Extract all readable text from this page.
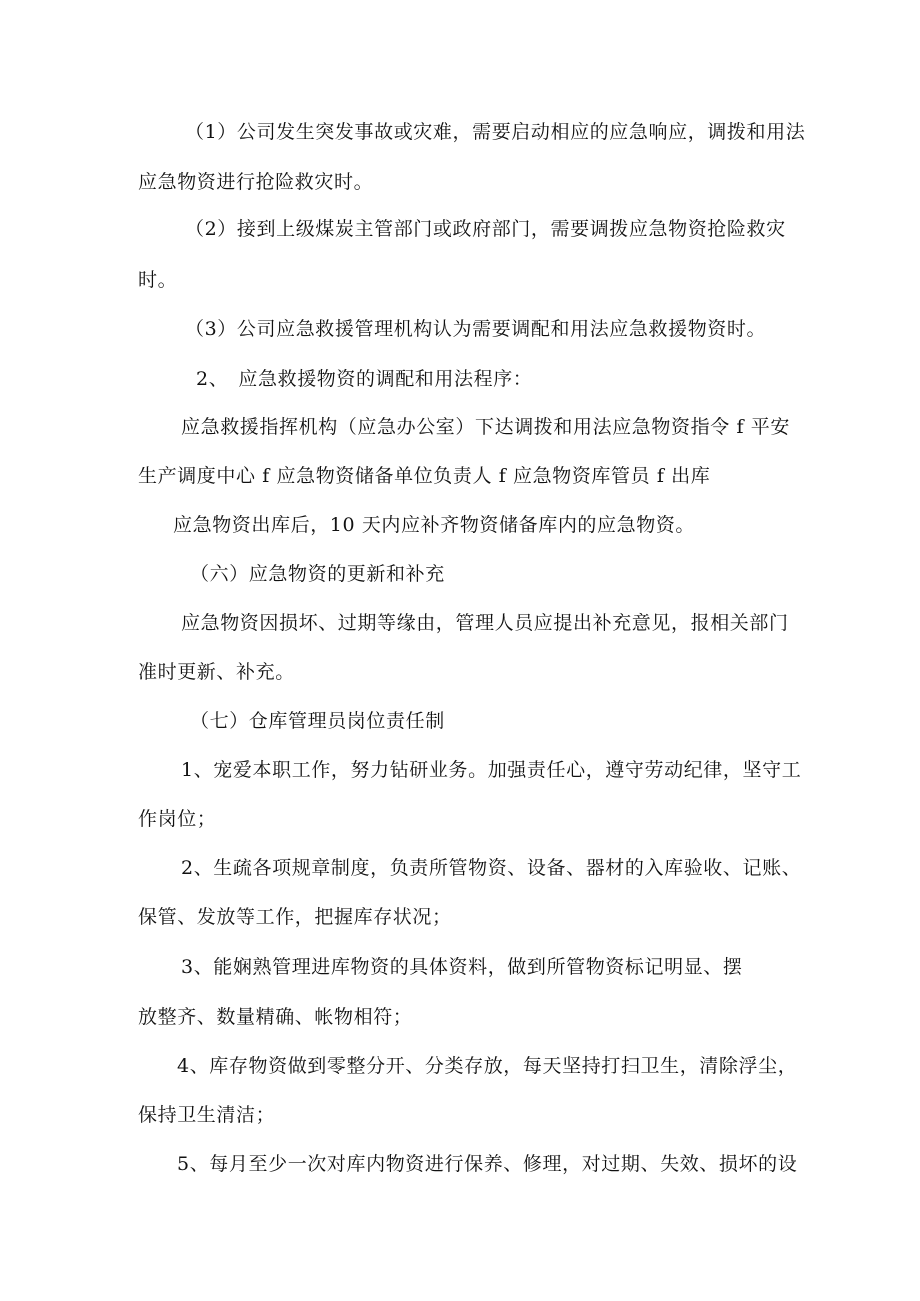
（1）公司发生突发事故或灾难，需要启动相应的应急响应，调拨和用法
应急物资进行抢险救灾时。
（2）接到上级煤炭主管部门或政府部门，需要调拨应急物资抢险救灾
时。
（3）公司应急救援管理机构认为需要调配和用法应急救援物资时。
2、　应急救援物资的调配和用法程序：
应急救援指挥机构（应急办公室）下达调拨和用法应急物资指令 f 平安
生产调度中心 f 应急物资储备单位负责人 f 应急物资库管员 f 出库
应急物资出库后，10 天内应补齐物资储备库内的应急物资。
（六）应急物资的更新和补充
应急物资因损坏、过期等缘由，管理人员应提出补充意见，报相关部门
准时更新、补充。
（七）仓库管理员岗位责任制
1、宠爱本职工作，努力钻研业务。加强责任心，遵守劳动纪律，坚守工
作岗位；
2、生疏各项规章制度，负责所管物资、设备、器材的入库验收、记账、
保管、发放等工作，把握库存状况；
3、能娴熟管理进库物资的具体资料，做到所管物资标记明显、摆
放整齐、数量精确、帐物相符；
4、库存物资做到零整分开、分类存放，每天坚持打扫卫生，清除浮尘，
保持卫生清洁；
5、每月至少一次对库内物资进行保养、修理，对过期、失效、损坏的设
